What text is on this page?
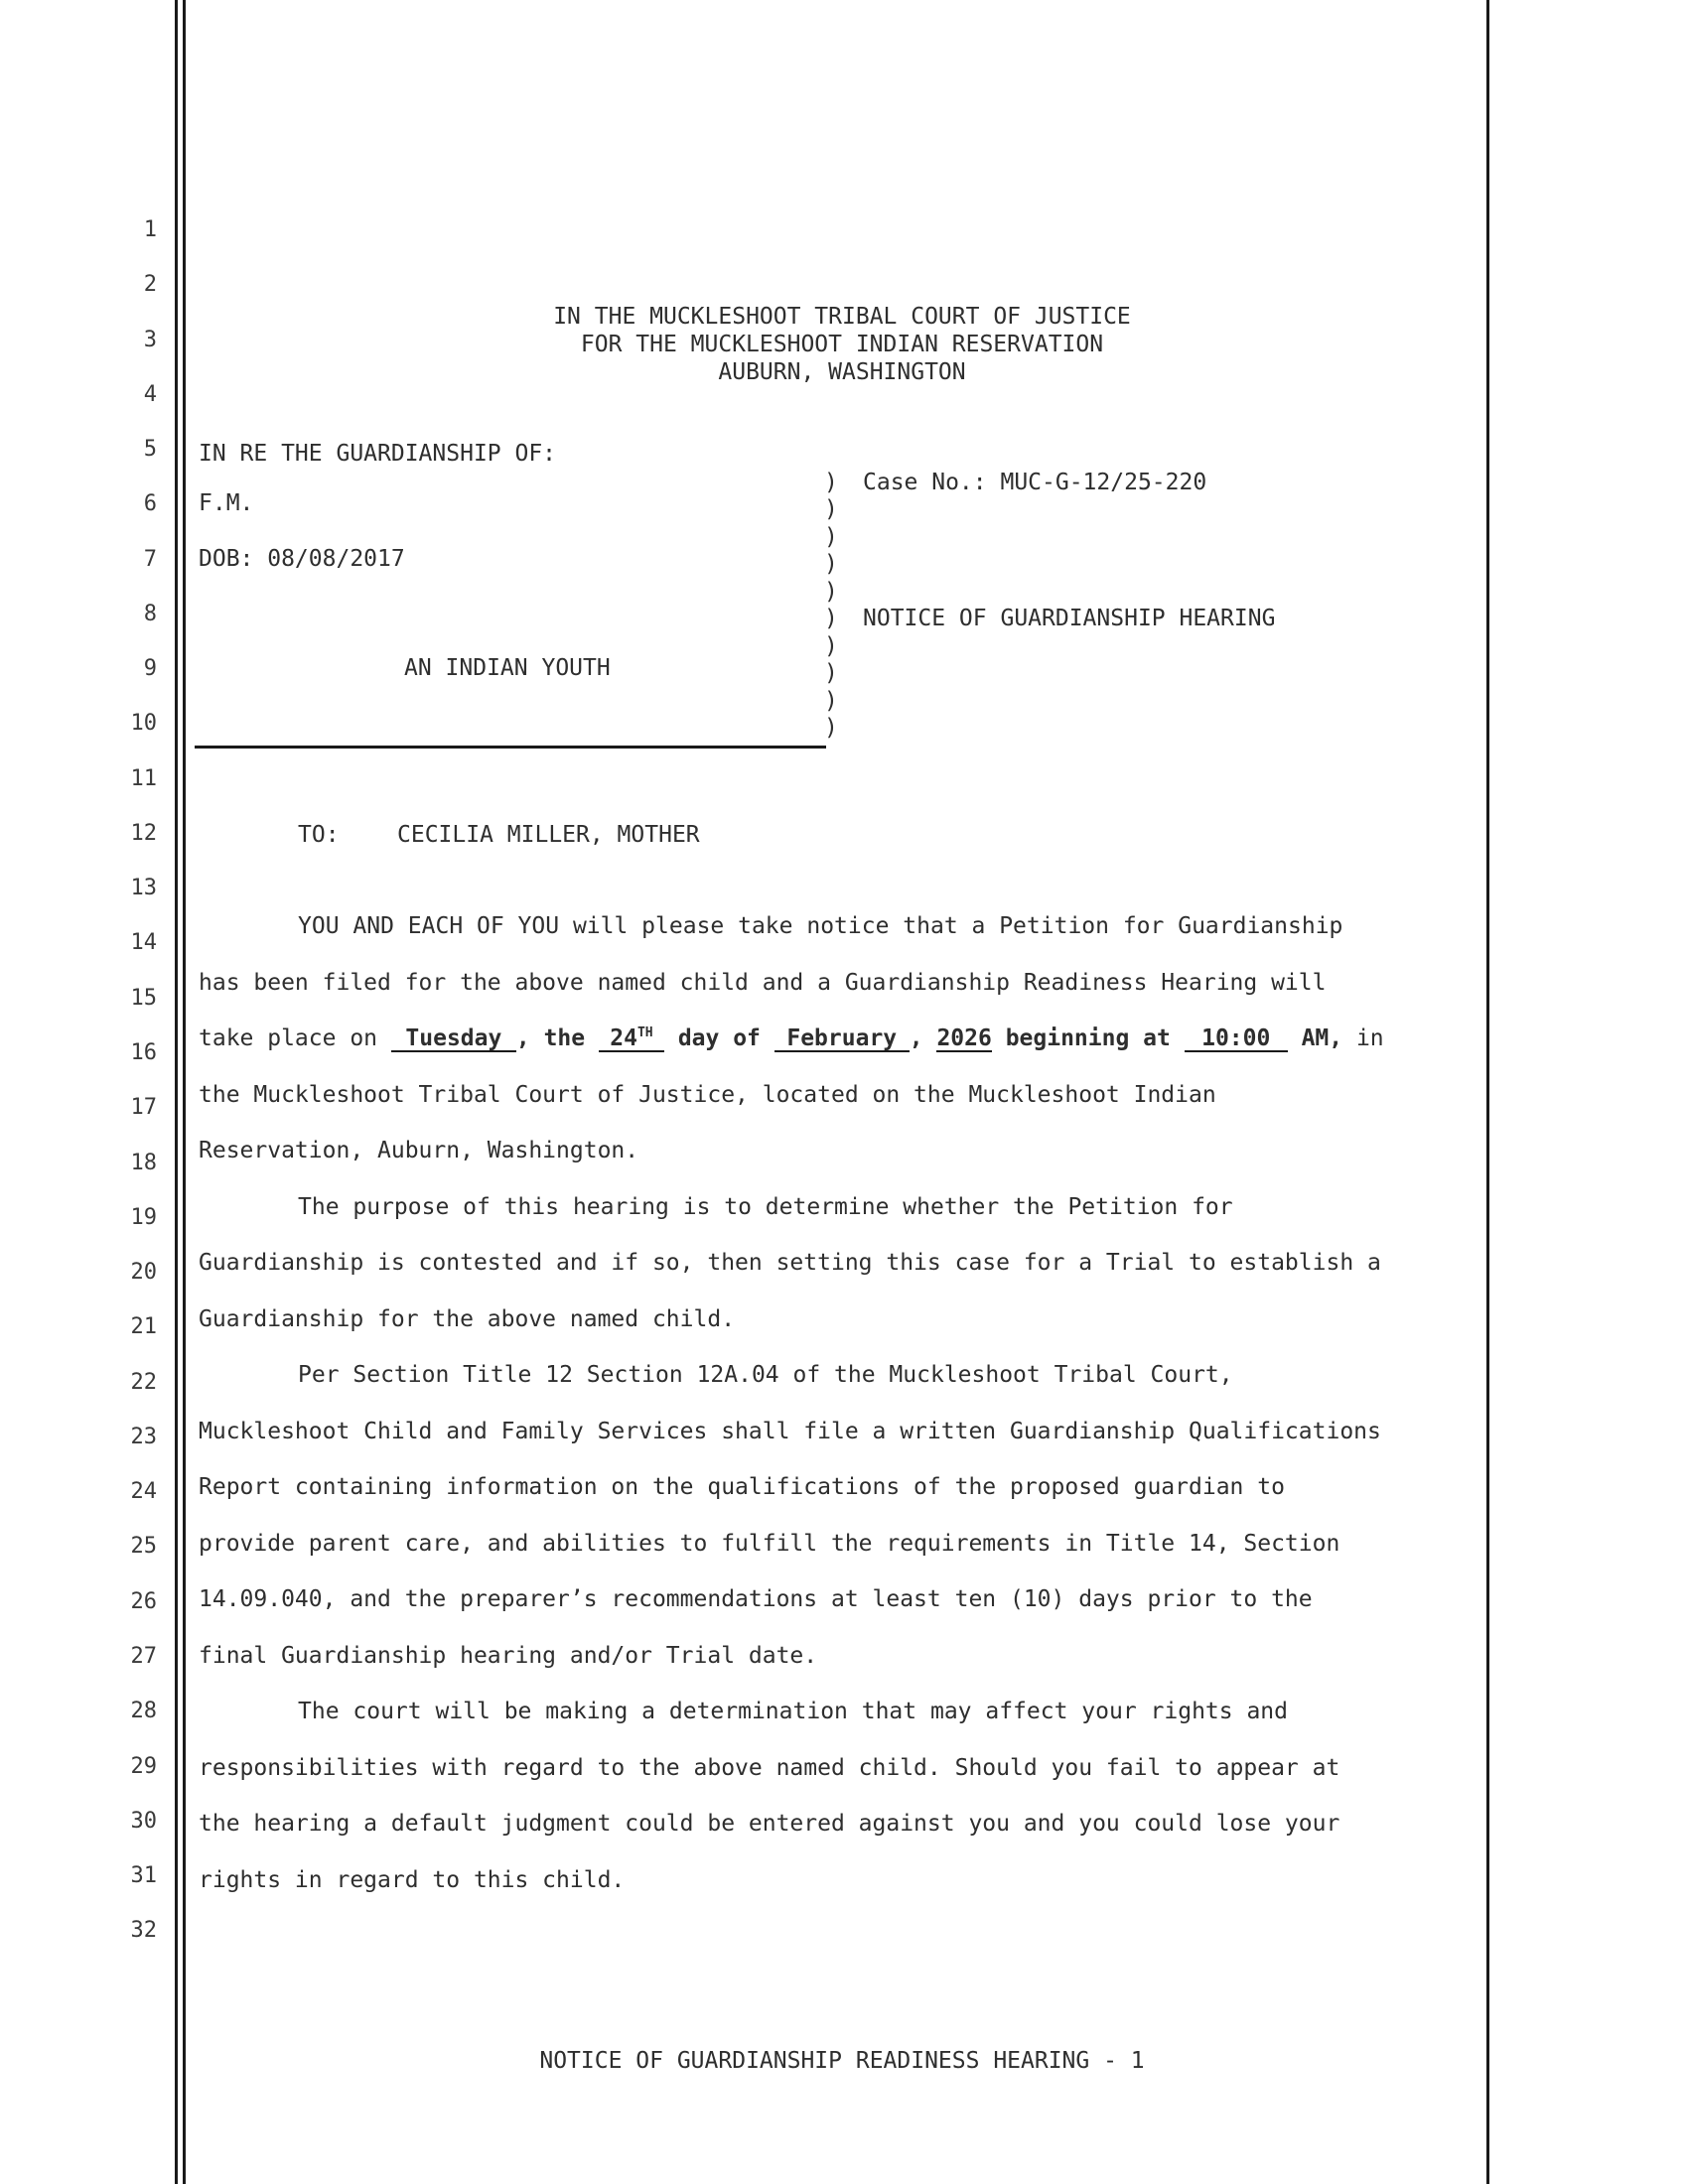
1
2
3
4
5
6
7
8
9
10
11
12
13
14
15
16
17
18
19
20
21
22
23
24
25
26
27
28
29
30
31
32
IN THE MUCKLESHOOT TRIBAL COURT OF JUSTICE
FOR THE MUCKLESHOOT INDIAN RESERVATION
AUBURN, WASHINGTON
IN RE THE GUARDIANSHIP OF:
F.M.
DOB: 08/08/2017
AN INDIAN YOUTH
)
)
)
)
)
)
)
)
)
)
Case No.: MUC-G-12/25-220
NOTICE OF GUARDIANSHIP HEARING
TO:	CECILIA MILLER, MOTHER
YOU AND EACH OF YOU will please take notice that a Petition for Guardianship
has been filed for the above named child and a Guardianship Readiness Hearing will
take place on Tuesday , the 24TH day of February , 2026 beginning at 10:00 AM, in
the Muckleshoot Tribal Court of Justice, located on the Muckleshoot Indian
Reservation, Auburn, Washington.
The purpose of this hearing is to determine whether the Petition for
Guardianship is contested and if so, then setting this case for a Trial to establish a
Guardianship for the above named child.
Per Section Title 12 Section 12A.04 of the Muckleshoot Tribal Court,
Muckleshoot Child and Family Services shall file a written Guardianship Qualifications
Report containing information on the qualifications of the proposed guardian to
provide parent care, and abilities to fulfill the requirements in Title 14, Section
14.09.040, and the preparer’s recommendations at least ten (10) days prior to the
final Guardianship hearing and/or Trial date.
The court will be making a determination that may affect your rights and
responsibilities with regard to the above named child. Should you fail to appear at
the hearing a default judgment could be entered against you and you could lose your
rights in regard to this child.
NOTICE OF GUARDIANSHIP READINESS HEARING - 1
